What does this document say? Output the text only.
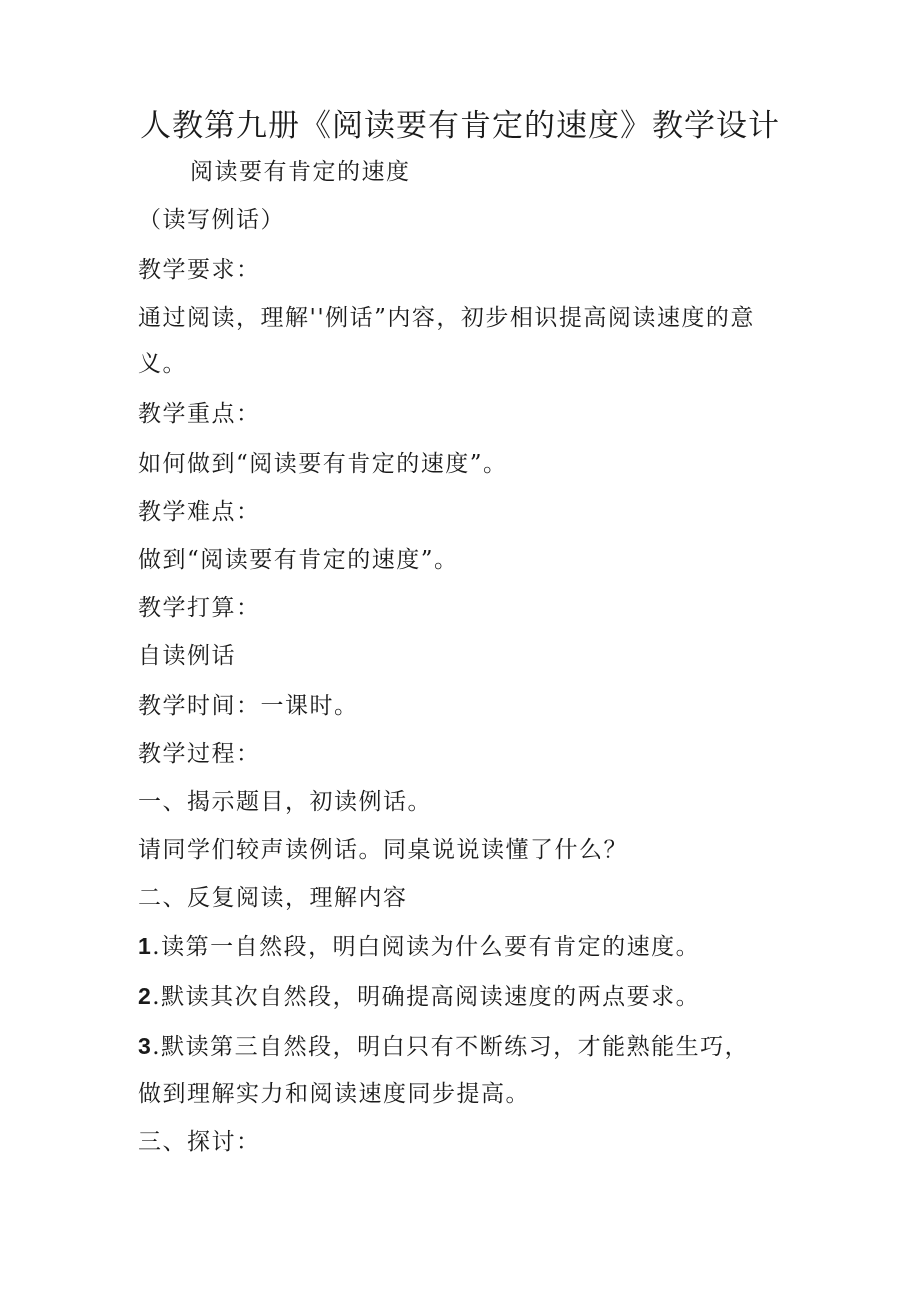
人教第九册《阅读要有肯定的速度》教学设计
阅读要有肯定的速度
（读写例话）
教学要求：
通过阅读，理解''例话”内容，初步相识提高阅读速度的意
义。
教学重点：
如何做到“阅读要有肯定的速度”。
教学难点：
做到“阅读要有肯定的速度”。
教学打算：
自读例话
教学时间：一课时。
教学过程：
一、揭示题目，初读例话。
请同学们较声读例话。同桌说说读懂了什么？
二、反复阅读，理解内容
1.读第一自然段，明白阅读为什么要有肯定的速度。
2.默读其次自然段，明确提高阅读速度的两点要求。
3.默读第三自然段，明白只有不断练习，才能熟能生巧，
做到理解实力和阅读速度同步提高。
三、探讨：
